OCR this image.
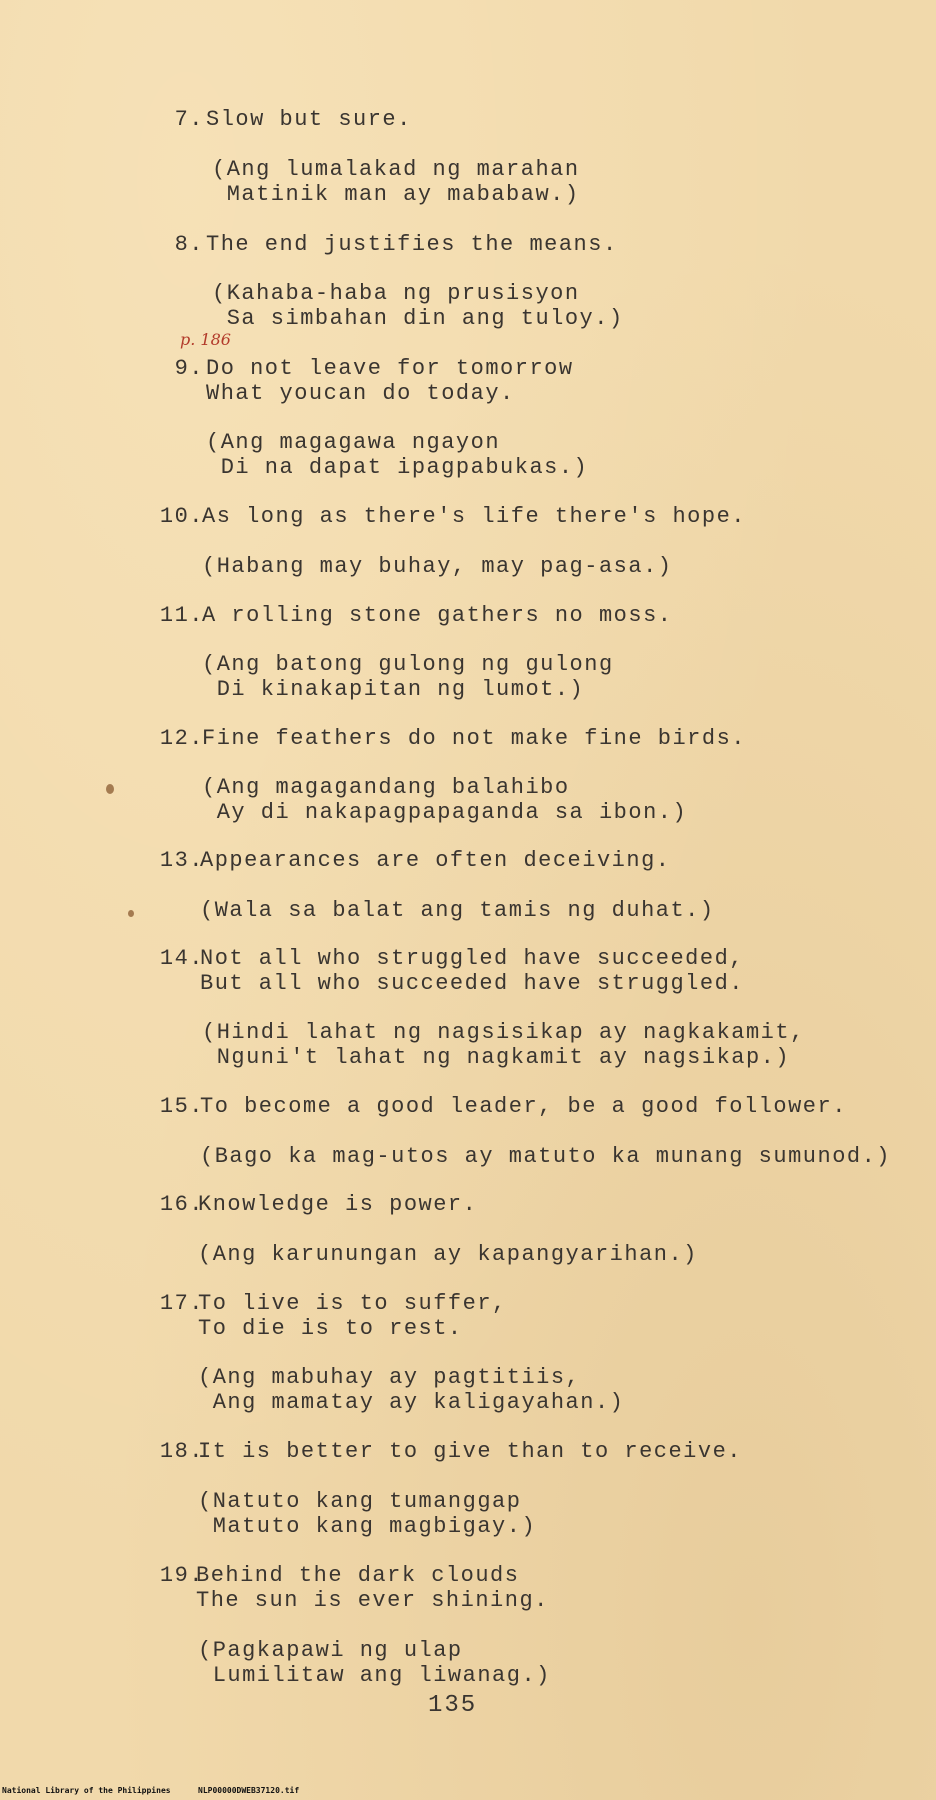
7. Slow but sure.
(Ang lumalakad ng marahan
Matinik man ay mababaw.)
8. The end justifies the means.
(Kahaba-haba ng prusisyon
Sa simbahan din ang tuloy.)
p. 186
9. Do not leave for tomorrow
What youcan do today.
(Ang magagawa ngayon
Di na dapat ipagpabukas.)
10.
As long as there's life there's hope.
(Habang may buhay, may pag-asa.)
11.
A rolling stone gathers no moss.
(Ang batong gulong ng gulong
Di kinakapitan ng lumot.)
12.
Fine feathers do not make fine birds.
(Ang magagandang balahibo
Ay di nakapagpapaganda sa ibon.)
13.
Appearances are often deceiving.
(Wala sa balat ang tamis ng duhat.)
14.
Not all who struggled have succeeded,
But all who succeeded have struggled.
(Hindi lahat ng nagsisikap ay nagkakamit,
Nguni't lahat ng nagkamit ay nagsikap.)
15.
To become a good leader, be a good follower.
(Bago ka mag-utos ay matuto ka munang sumunod.)
16.
Knowledge is power.
(Ang karunungan ay kapangyarihan.)
17.
To live is to suffer,
To die is to rest.
(Ang mabuhay ay pagtitiis,
Ang mamatay ay kaligayahan.)
18.
It is better to give than to receive.
(Natuto kang tumanggap
Matuto kang magbigay.)
19.
Behind the dark clouds
The sun is ever shining.
(Pagkapawi ng ulap
Lumilitaw ang liwanag.)
135
National Library of the Philippines	NLP00000DWEB37120.tif
